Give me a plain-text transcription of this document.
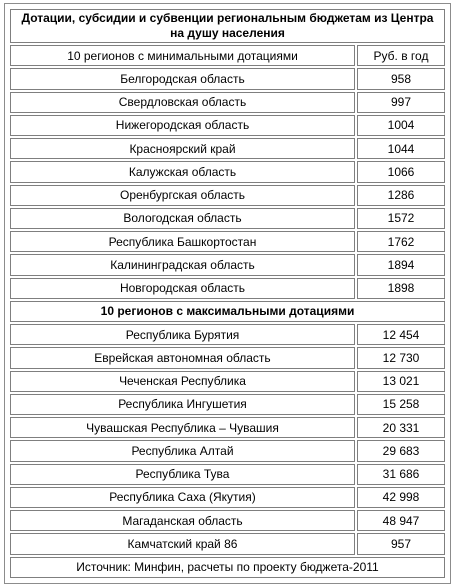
Дотации, субсидии и субвенции региональным бюджетам из Центра на душу населения	
10 регионов с минимальными дотациями	Руб. в год
Белгородская область	958
Свердловская область	997
Нижегородская область	1004
Красноярский край	1044
Калужская область	1066
Оренбургская область	1286
Вологодская область	1572
Республика Башкортостан	1762
Калининградская область	1894
Новгородская область	1898
10 регионов с максимальными дотациями	
Республика Бурятия	12 454
Еврейская автономная область	12 730
Чеченская Республика	13 021
Республика Ингушетия	15 258
Чувашская Республика – Чувашия	20 331
Республика Алтай	29 683
Республика Тува	31 686
Республика Саха (Якутия)	42 998
Магаданская область	48 947
Камчатский край 86	957
Источник: Минфин, расчеты по проекту бюджета-2011	
